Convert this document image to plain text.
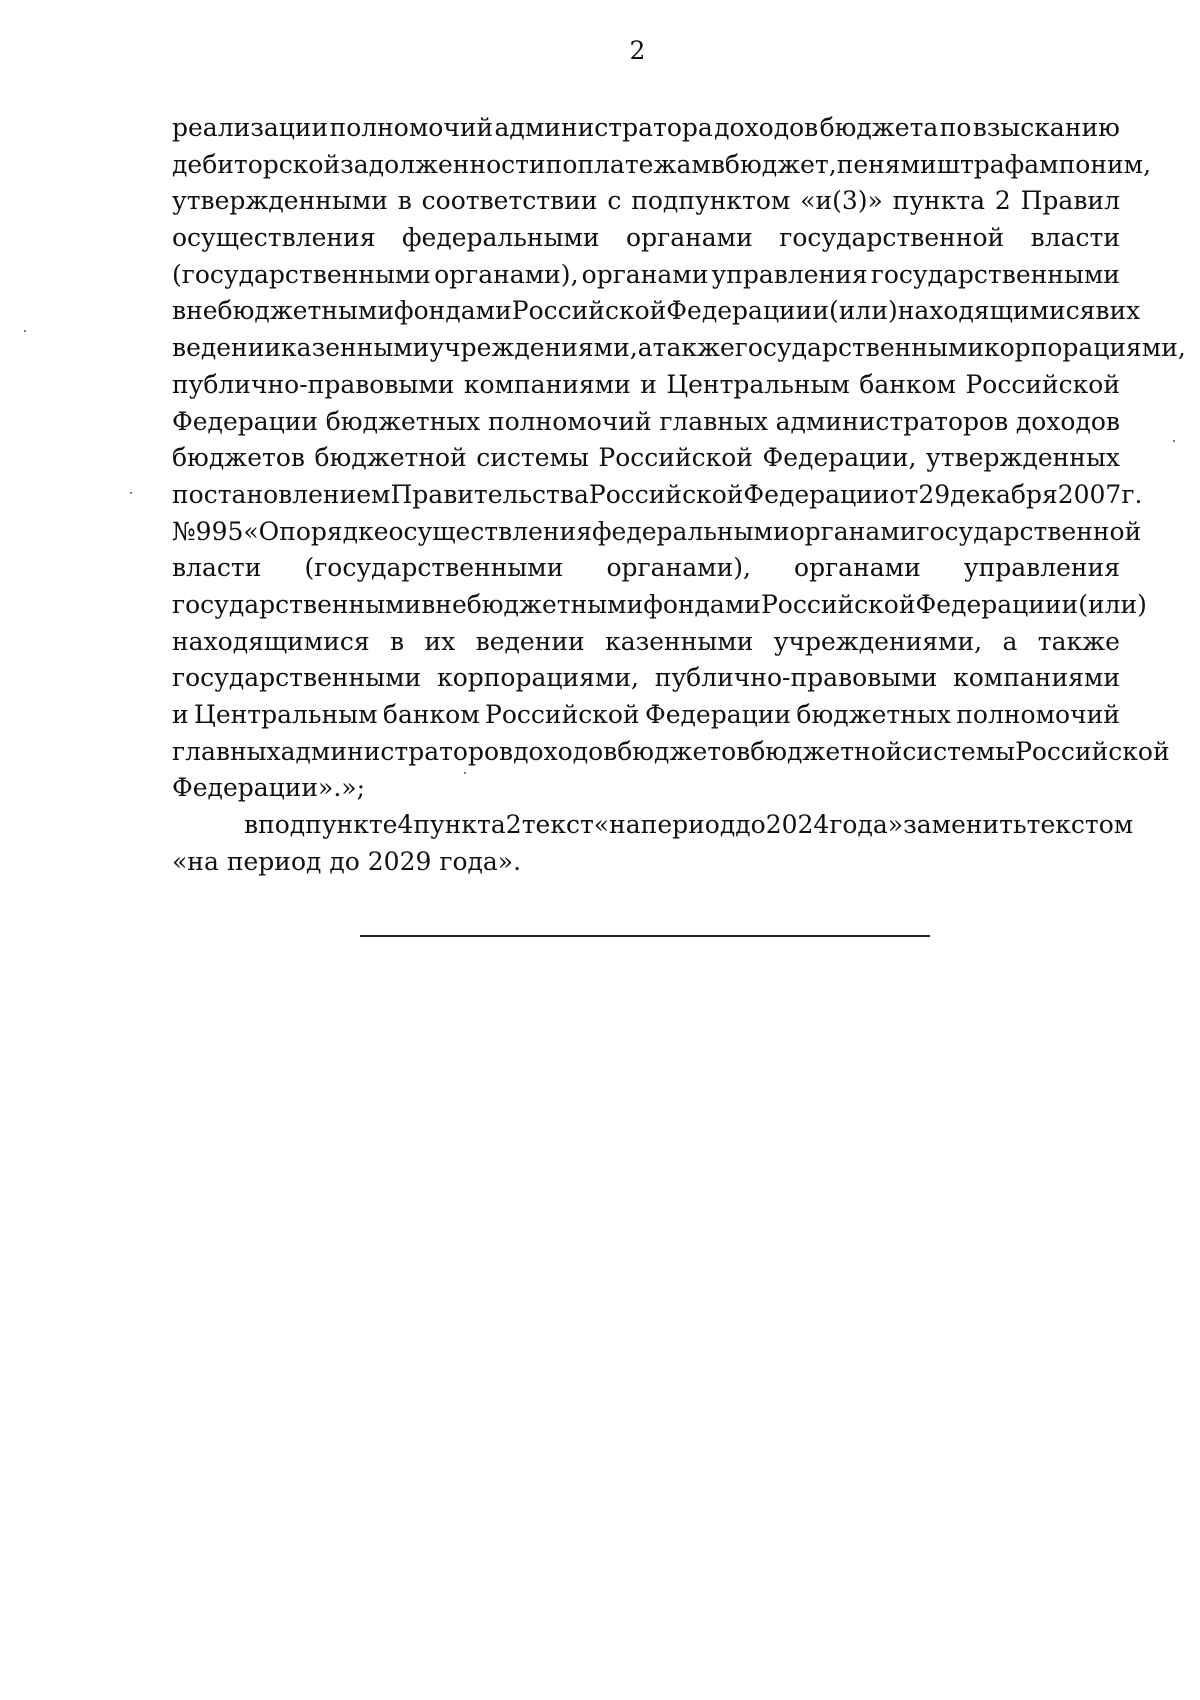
2
реализации полномочий администратора доходов бюджета по взысканию
дебиторской задолженности по платежам в бюджет, пеням и штрафам по ним,
утвержденными в соответствии с подпунктом «и(3)» пункта 2 Правил
осуществления федеральными органами государственной власти
(государственными органами), органами управления государственными
внебюджетными фондами Российской Федерации и (или) находящимися в их
ведении казенными учреждениями, а также государственными корпорациями,
публично-правовыми компаниями и Центральным банком Российской
Федерации бюджетных полномочий главных администраторов доходов
бюджетов бюджетной системы Российской Федерации, утвержденных
постановлением Правительства Российской Федерации от 29 декабря 2007 г.
№ 995 «О порядке осуществления федеральными органами государственной
власти (государственными органами), органами управления
государственными внебюджетными фондами Российской Федерации и (или)
находящимися в их ведении казенными учреждениями, а также
государственными корпорациями, публично-правовыми компаниями
и Центральным банком Российской Федерации бюджетных полномочий
главных администраторов доходов бюджетов бюджетной системы Российской
Федерации».»;
в подпункте 4 пункта 2 текст «на период до 2024 года» заменить текстом
«на
период
до
2029
года».
